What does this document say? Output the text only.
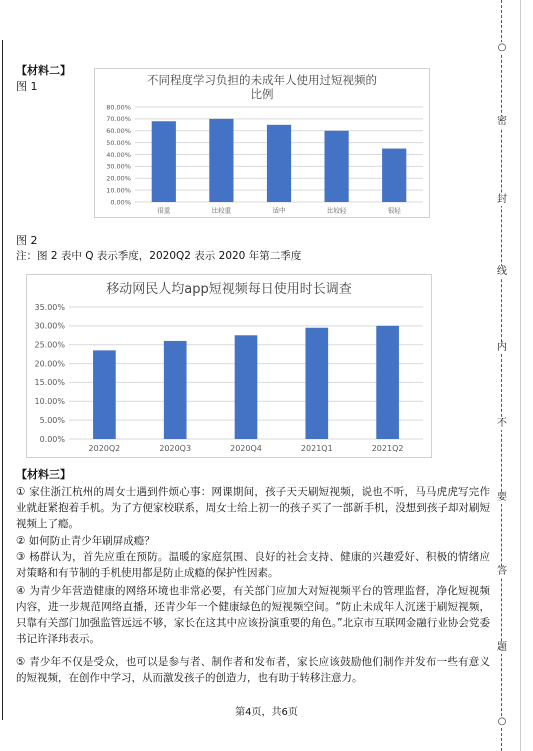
○
密
封
线
内
不
要
答
题
○
【材料二】
图 1	不同程度学习负担的未成年人使用过短视频的
比例
0.00%
10.00%
20.00%
30.00%
40.00%
50.00%
60.00%
70.00%
80.00%
很重	比较重	适中	比较轻	很轻
图 2
注：图 2 表中 Q 表示季度，2020Q2 表示 2020 年第二季度
移动网民人均app短视频每日使用时长调查
0.00%
5.00%
10.00%
15.00%
20.00%
25.00%
30.00%
35.00%
2020Q2	2020Q3	2020Q4	2021Q1	2021Q2
【材料三】
① 家住浙江杭州的周女士遇到件烦心事：网课期间，孩子天天刷短视频，说也不听，马马虎虎写完作业就赶紧抱着手机。为了方便家校联系，周女士给上初一的孩子买了一部新手机，没想到孩子却对刷短视频上了瘾。
② 如何防止青少年刷屏成瘾？
③ 杨群认为，首先应重在预防。温暖的家庭氛围、良好的社会支持、健康的兴趣爱好、积极的情绪应对策略和有节制的手机使用都是防止成瘾的保护性因素。
④ 为青少年营造健康的网络环境也非常必要，有关部门应加大对短视频平台的管理监督，净化短视频内容，进一步规范网络直播，还青少年一个健康绿色的短视频空间。“防止未成年人沉迷于刷短视频，只靠有关部门加强监管远远不够，家长在这其中应该扮演重要的角色。”北京市互联网金融行业协会党委书记许泽玮表示。
⑤ 青少年不仅是受众，也可以是参与者、制作者和发布者，家长应该鼓励他们制作并发布一些有意义的短视频，在创作中学习，从而激发孩子的创造力，也有助于转移注意力。
第4页，共6页
